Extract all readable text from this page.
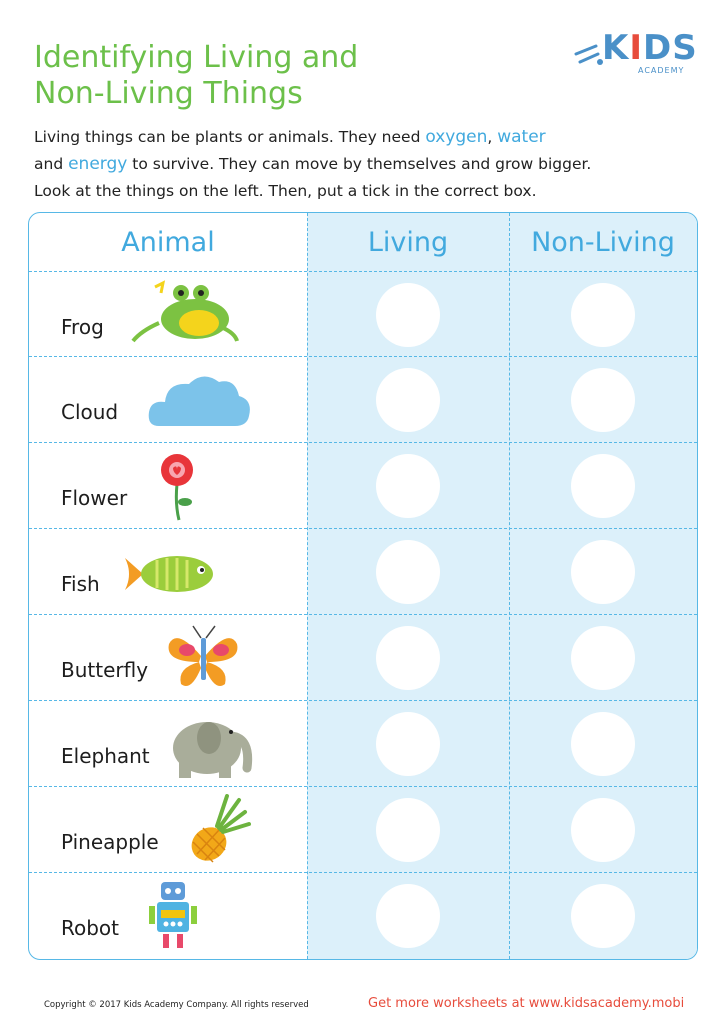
Identifying Living and
Non-Living Things
KIDS
ACADEMY
Living things can be plants or animals. They need oxygen, water
and energy to survive. They can move by themselves and grow bigger.
Look at the things on the left. Then, put a tick in the correct box.
Animal	Living	Non-Living
Frog
Cloud
Flower
Fish
Butterfly
Elephant
Pineapple
Robot
Copyright © 2017 Kids Academy Company. All rights reserved	Get more worksheets at www.kidsacademy.mobi
